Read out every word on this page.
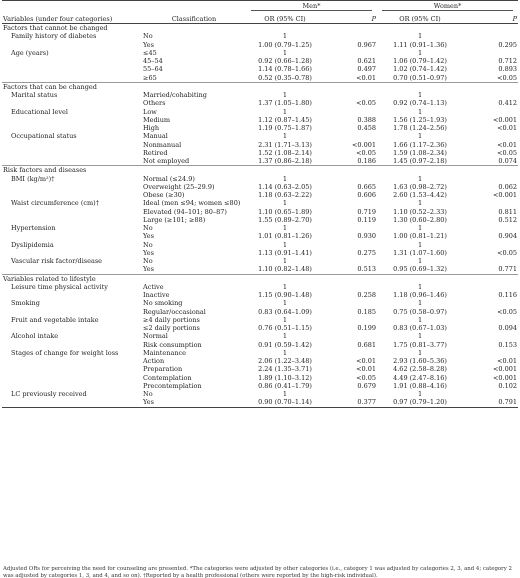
		Men*		Women*	

Variables (under four categories)	Classification	OR (95% CI)	P	OR (95% CI)	P
Factors that cannot be changed					
Family history of diabetes	No	1		1	
	Yes	1.00 (0.79–1.25)	0.967	1.11 (0.91–1.36)	0.295
Age (years)	≤45	1		1	
	45–54	0.92 (0.66–1.28)	0.621	1.06 (0.79–1.42)	0.712
	55–64	1.14 (0.78–1.66)	0.497	1.02 (0.74–1.42)	0.893
	≥65	0.52 (0.35–0.78)	<0.01	0.70 (0.51–0.97)	<0.05
Factors that can be changed					
Marital status	Married/cohabiting	1		1	
	Others	1.37 (1.05–1.80)	<0.05	0.92 (0.74–1.13)	0.412
Educational level	Low	1		1	
	Medium	1.12 (0.87–1.45)	0.388	1.56 (1.25–1.93)	<0.001
	High	1.19 (0.75–1.87)	0.458	1.78 (1.24–2.56)	<0.01
Occupational status	Manual	1		1	
	Nonmanual	2.31 (1.71–3.13)	<0.001	1.66 (1.17–2.36)	<0.01
	Retired	1.52 (1.08–2.14)	<0.05	1.59 (1.08–2.34)	<0.05
	Not employed	1.37 (0.86–2.18)	0.186	1.45 (0.97–2.18)	0.074
Risk factors and diseases					
BMI (kg/m²)†	Normal (≤24.9)	1		1	
	Overweight (25–29.9)	1.14 (0.63–2.05)	0.665	1.63 (0.98–2.72)	0.062
	Obese (≥30)	1.18 (0.63–2.22)	0.606	2.60 (1.53–4.42)	<0.001
Waist circumference (cm)†	Ideal (men ≤94; women ≤80)	1		1	
	Elevated (94–101; 80–87)	1.10 (0.65–1.89)	0.719	1.10 (0.52–2.33)	0.811
	Large (≥101; ≥88)	1.55 (0.89–2.70)	0.119	1.30 (0.60–2.80)	0.512
Hypertension	No	1		1	
	Yes	1.01 (0.81–1.26)	0.930	1.00 (0.81–1.21)	0.904
Dyslipidemia	No	1		1	
	Yes	1.13 (0.91–1.41)	0.275	1.31 (1.07–1.60)	<0.05
Vascular risk factor/disease	No	1		1	
	Yes	1.10 (0.82–1.48)	0.513	0.95 (0.69–1.32)	0.771
Variables related to lifestyle					
Leisure time physical activity	Active	1		1	
	Inactive	1.15 (0.90–1.48)	0.258	1.18 (0.96–1.46)	0.116
Smoking	No smoking	1		1	
	Regular/occasional	0.83 (0.64–1.09)	0.185	0.75 (0.58–0.97)	<0.05
Fruit and vegetable intake	≥4 daily portions	1		1	
	≤2 daily portions	0.76 (0.51–1.15)	0.199	0.83 (0.67–1.03)	0.094
Alcohol intake	Normal	1		1	
	Risk consumption	0.91 (0.59–1.42)	0.681	1.75 (0.81–3.77)	0.153
Stages of change for weight loss	Maintenance	1		1	
	Action	2.06 (1.22–3.48)	<0.01	2.93 (1.60–5.36)	<0.01
	Preparation	2.24 (1.35–3.71)	<0.01	4.62 (2.58–8.28)	<0.001
	Contemplation	1.89 (1.10–3.12)	<0.05	4.49 (2.47–8.16)	<0.001
	Precontemplation	0.86 (0.41–1.79)	0.679	1.91 (0.88–4.16)	0.102
LC previously received	No	1		1	
	Yes	0.90 (0.70–1.14)	0.377	0.97 (0.79–1.20)	0.791
Adjusted ORs for perceiving the need for counseling are presented. *The categories were adjusted by other categories (i.e., category 1 was adjusted by categories 2, 3, and 4; category 2 was adjusted by categories 1, 3, and 4, and so on). †Reported by a health professional (others were reported by the high-risk individual).
